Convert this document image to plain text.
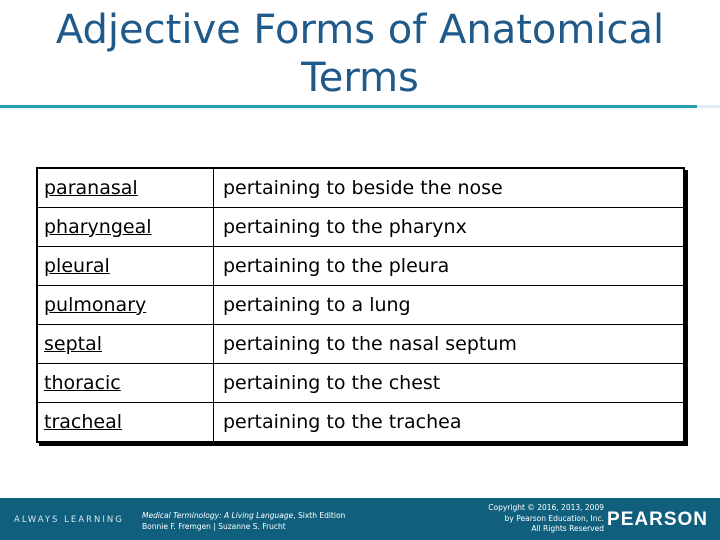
Adjective Forms of Anatomical
Terms
paranasal	pertaining to beside the nose
pharyngeal	pertaining to the pharynx
pleural	pertaining to the pleura
pulmonary	pertaining to a lung
septal	pertaining to the nasal septum
thoracic	pertaining to the chest
tracheal	pertaining to the trachea
ALWAYS LEARNING Medical Terminology: A Living Language, Sixth Edition
Bonnie F. Fremgen | Suzanne S. Frucht
Copyright © 2016, 2013, 2009
by Pearson Education, Inc.
All Rights Reserved PEARSON
